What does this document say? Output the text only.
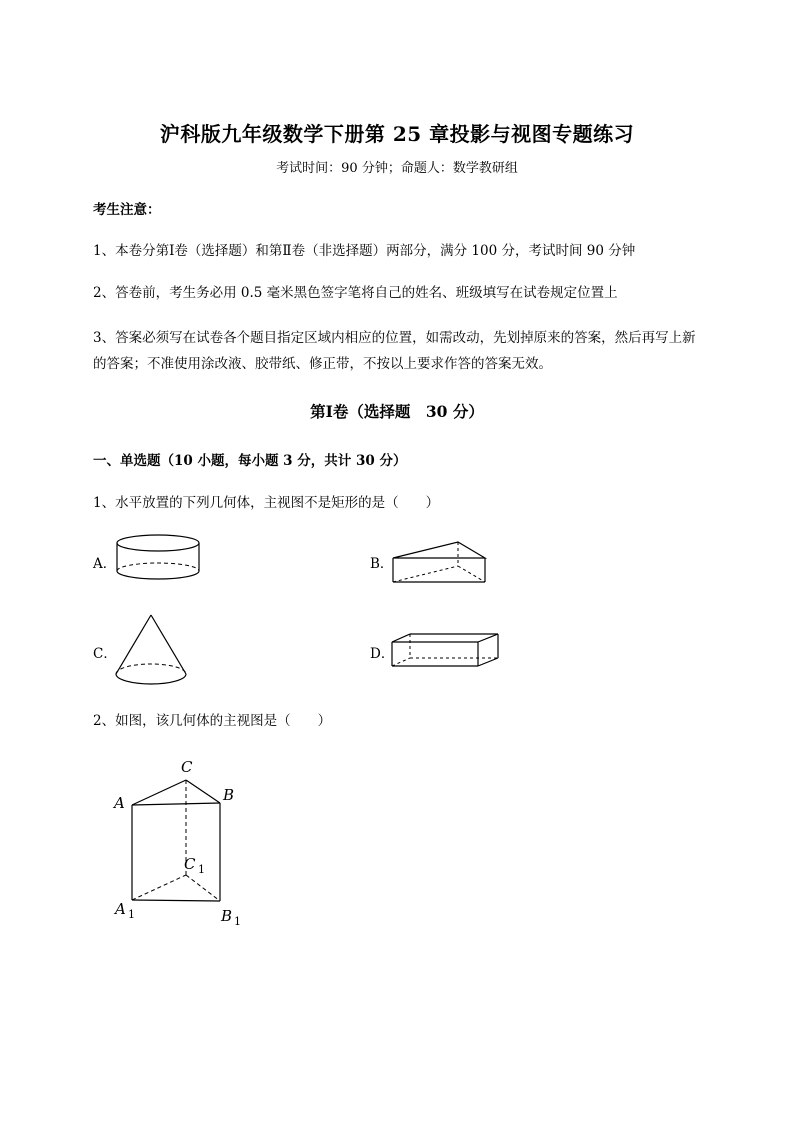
沪科版九年级数学下册第 25 章投影与视图专题练习
考试时间：90 分钟；命题人：数学教研组
考生注意：
1、本卷分第Ⅰ卷（选择题）和第Ⅱ卷（非选择题）两部分，满分 100 分，考试时间 90 分钟
2、答卷前，考生务必用 0.5 毫米黑色签字笔将自己的姓名、班级填写在试卷规定位置上
3、答案必须写在试卷各个题目指定区域内相应的位置，如需改动，先划掉原来的答案，然后再写上新的答案；不准使用涂改液、胶带纸、修正带，不按以上要求作答的答案无效。
第Ⅰ卷（选择题　30 分）
一、单选题（10 小题，每小题 3 分，共计 30 分）
1、水平放置的下列几何体，主视图不是矩形的是（　　）
A．	B．
C．	D．
2、如图，该几何体的主视图是（　　）
C
A	B
C 1
A 1	B 1
